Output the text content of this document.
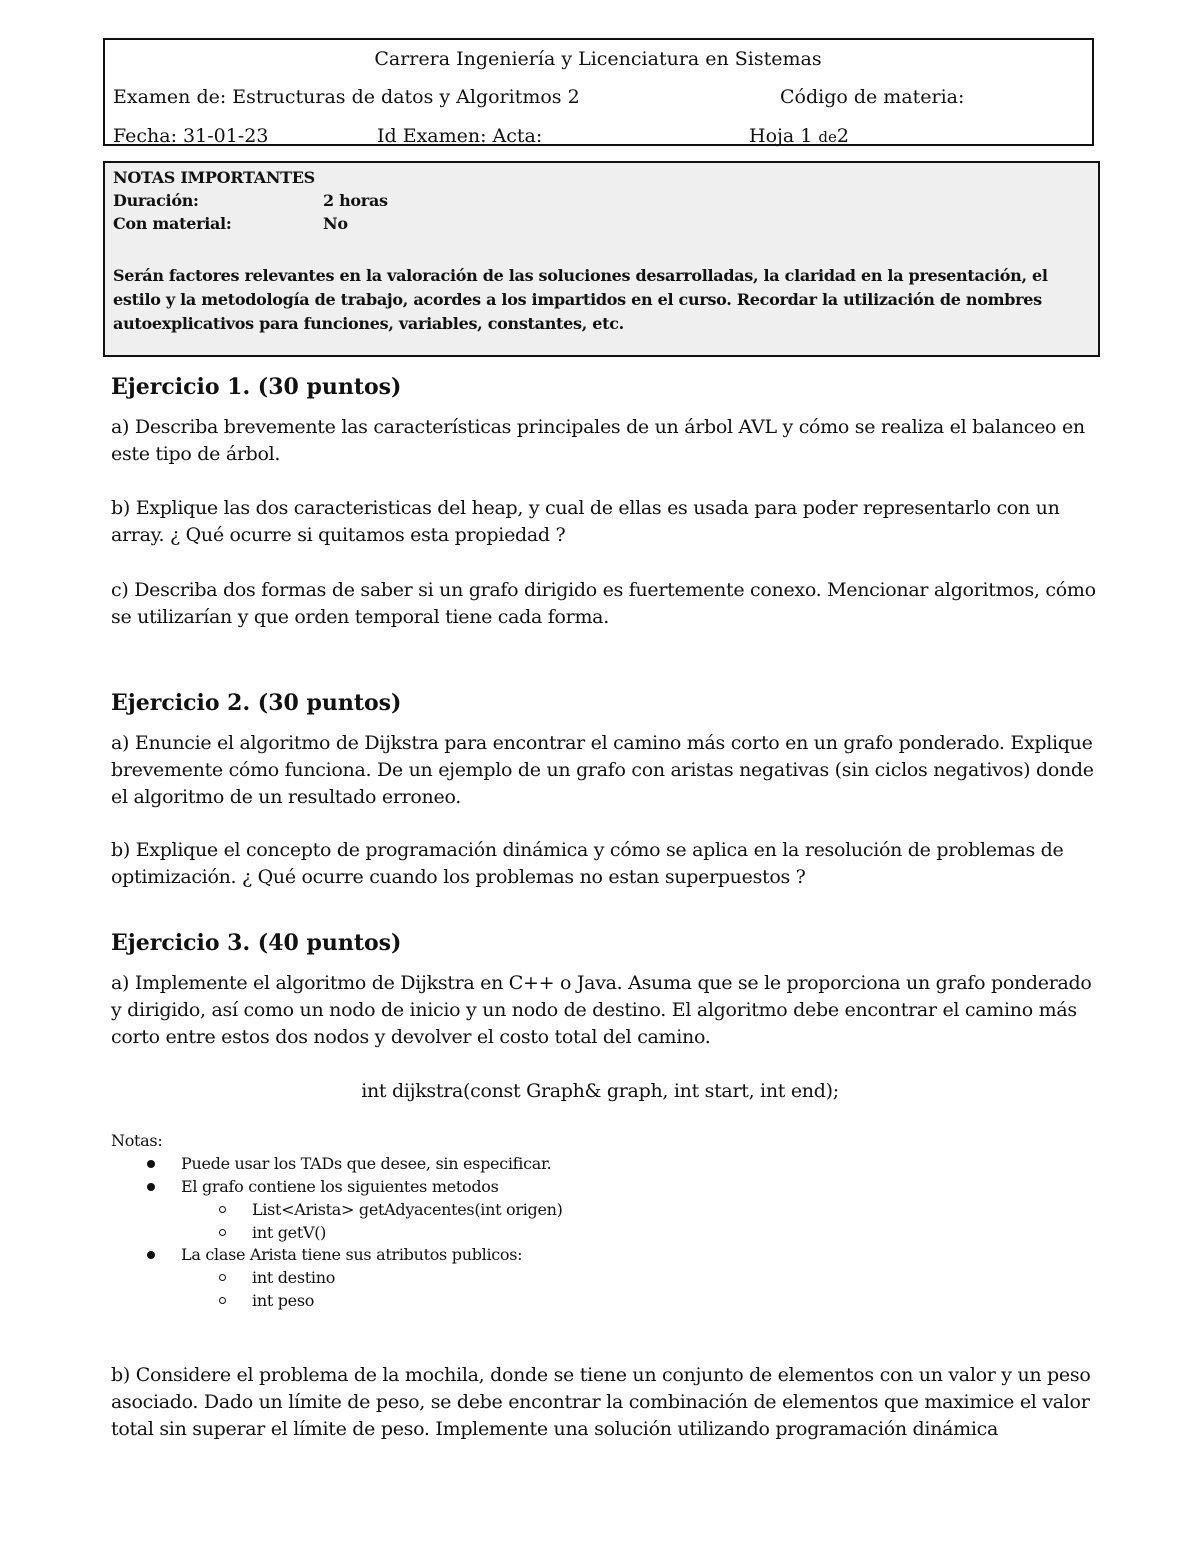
Carrera Ingeniería y Licenciatura en Sistemas
Examen de: Estructuras de datos y Algoritmos 2	Código de materia:
Fecha: 31-01-23	Id Examen: Acta:	Hoja 1 de2
NOTAS IMPORTANTES
Duración:	2 horas
Con material:	No
Serán factores relevantes en la valoración de las soluciones desarrolladas, la claridad en la presentación, el estilo y la metodología de trabajo, acordes a los impartidos en el curso. Recordar la utilización de nombres autoexplicativos para funciones, variables, constantes, etc.
Ejercicio 1. (30 puntos)
a) Describa brevemente las características principales de un árbol AVL y cómo se realiza el balanceo en este tipo de árbol.
b) Explique las dos caracteristicas del heap, y cual de ellas es usada para poder representarlo con un array. ¿ Qué ocurre si quitamos esta propiedad ?
c) Describa dos formas de saber si un grafo dirigido es fuertemente conexo. Mencionar algoritmos, cómo se utilizarían y que orden temporal tiene cada forma.
Ejercicio 2. (30 puntos)
a) Enuncie el algoritmo de Dijkstra para encontrar el camino más corto en un grafo ponderado. Explique brevemente cómo funciona. De un ejemplo de un grafo con aristas negativas (sin ciclos negativos) donde el algoritmo de un resultado erroneo.
b) Explique el concepto de programación dinámica y cómo se aplica en la resolución de problemas de optimización. ¿ Qué ocurre cuando los problemas no estan superpuestos ?
Ejercicio 3. (40 puntos)
a) Implemente el algoritmo de Dijkstra en C++ o Java. Asuma que se le proporciona un grafo ponderado y dirigido, así como un nodo de inicio y un nodo de destino. El algoritmo debe encontrar el camino más corto entre estos dos nodos y devolver el costo total del camino.
int dijkstra(const Graph& graph, int start, int end);
Notas:
Puede usar los TADs que desee, sin especificar.
El grafo contiene los siguientes metodos
List<Arista> getAdyacentes(int origen)
int getV()
La clase Arista tiene sus atributos publicos:
int destino
int peso
b) Considere el problema de la mochila, donde se tiene un conjunto de elementos con un valor y un peso asociado. Dado un límite de peso, se debe encontrar la combinación de elementos que maximice el valor total sin superar el límite de peso. Implemente una solución utilizando programación dinámica
